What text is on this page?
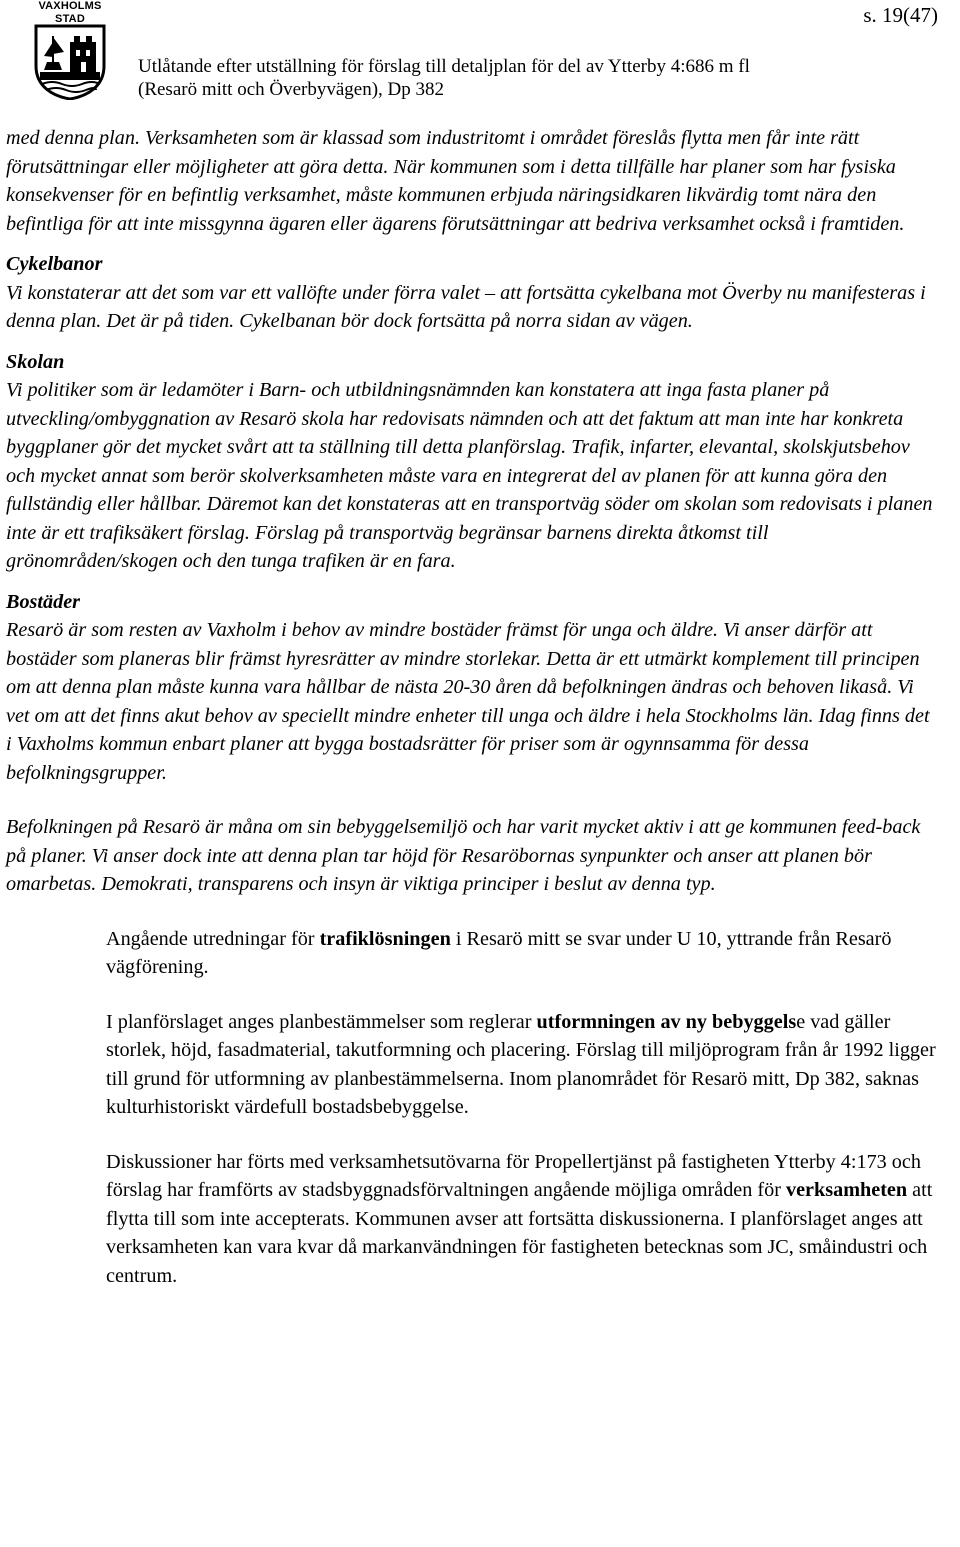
VAXHOLMS
STAD
Utlåtande efter utställning för förslag till detaljplan för del av Ytterby 4:686 m fl
(Resarö mitt och Överbyvägen), Dp 382
s. 19(47)

med denna plan. Verksamheten som är klassad som industritomt i området föreslås flytta men får inte rätt förutsättningar eller möjligheter att göra detta. När kommunen som i detta tillfälle har planer som har fysiska konsekvenser för en befintlig verksamhet, måste kommunen erbjuda näringsidkaren likvärdig tomt nära den befintliga för att inte missgynna ägaren eller ägarens förutsättningar att bedriva verksamhet också i framtiden.

Cykelbanor

Vi konstaterar att det som var ett vallöfte under förra valet – att fortsätta cykelbana mot Överby nu manifesteras i denna plan. Det är på tiden. Cykelbanan bör dock fortsätta på norra sidan av vägen.

Skolan

Vi politiker som är ledamöter i Barn- och utbildningsnämnden kan konstatera att inga fasta planer på utveckling/ombyggnation av Resarö skola har redovisats nämnden och att det faktum att man inte har konkreta byggplaner gör det mycket svårt att ta ställning till detta planförslag. Trafik, infarter, elevantal, skolskjutsbehov och mycket annat som berör skolverksamheten måste vara en integrerat del av planen för att kunna göra den fullständig eller hållbar. Däremot kan det konstateras att en transportväg söder om skolan som redovisats i planen inte är ett trafiksäkert förslag. Förslag på transportväg begränsar barnens direkta åtkomst till grönområden/skogen och den tunga trafiken är en fara.

Bostäder

Resarö är som resten av Vaxholm i behov av mindre bostäder främst för unga och äldre. Vi anser därför att bostäder som planeras blir främst hyresrätter av mindre storlekar. Detta är ett utmärkt komplement till principen om att denna plan måste kunna vara hållbar de nästa 20-30 åren då befolkningen ändras och behoven likaså. Vi vet om att det finns akut behov av speciellt mindre enheter till unga och äldre i hela Stockholms län. Idag finns det i Vaxholms kommun enbart planer att bygga bostadsrätter för priser som är ogynnsamma för dessa befolkningsgrupper.

Befolkningen på Resarö är måna om sin bebyggelsemiljö och har varit mycket aktiv i att ge kommunen feed-back på planer. Vi anser dock inte att denna plan tar höjd för Resaröbornas synpunkter och anser att planen bör omarbetas. Demokrati, transparens och insyn är viktiga principer i beslut av denna typ.

Angående utredningar för trafiklösningen i Resarö mitt se svar under U 10, yttrande från Resarö vägförening.

I planförslaget anges planbestämmelser som reglerar utformningen av ny bebyggelse vad gäller storlek, höjd, fasadmaterial, takutformning och placering. Förslag till miljöprogram från år 1992 ligger till grund för utformning av planbestämmelserna. Inom planområdet för Resarö mitt, Dp 382, saknas kulturhistoriskt värdefull bostadsbebyggelse.

Diskussioner har förts med verksamhetsutövarna för Propellertjänst på fastigheten Ytterby 4:173 och förslag har framförts av stadsbyggnadsförvaltningen angående möjliga områden för verksamheten att flytta till som inte accepterats. Kommunen avser att fortsätta diskussionerna. I planförslaget anges att verksamheten kan vara kvar då markanvändningen för fastigheten betecknas som JC, småindustri och centrum.
